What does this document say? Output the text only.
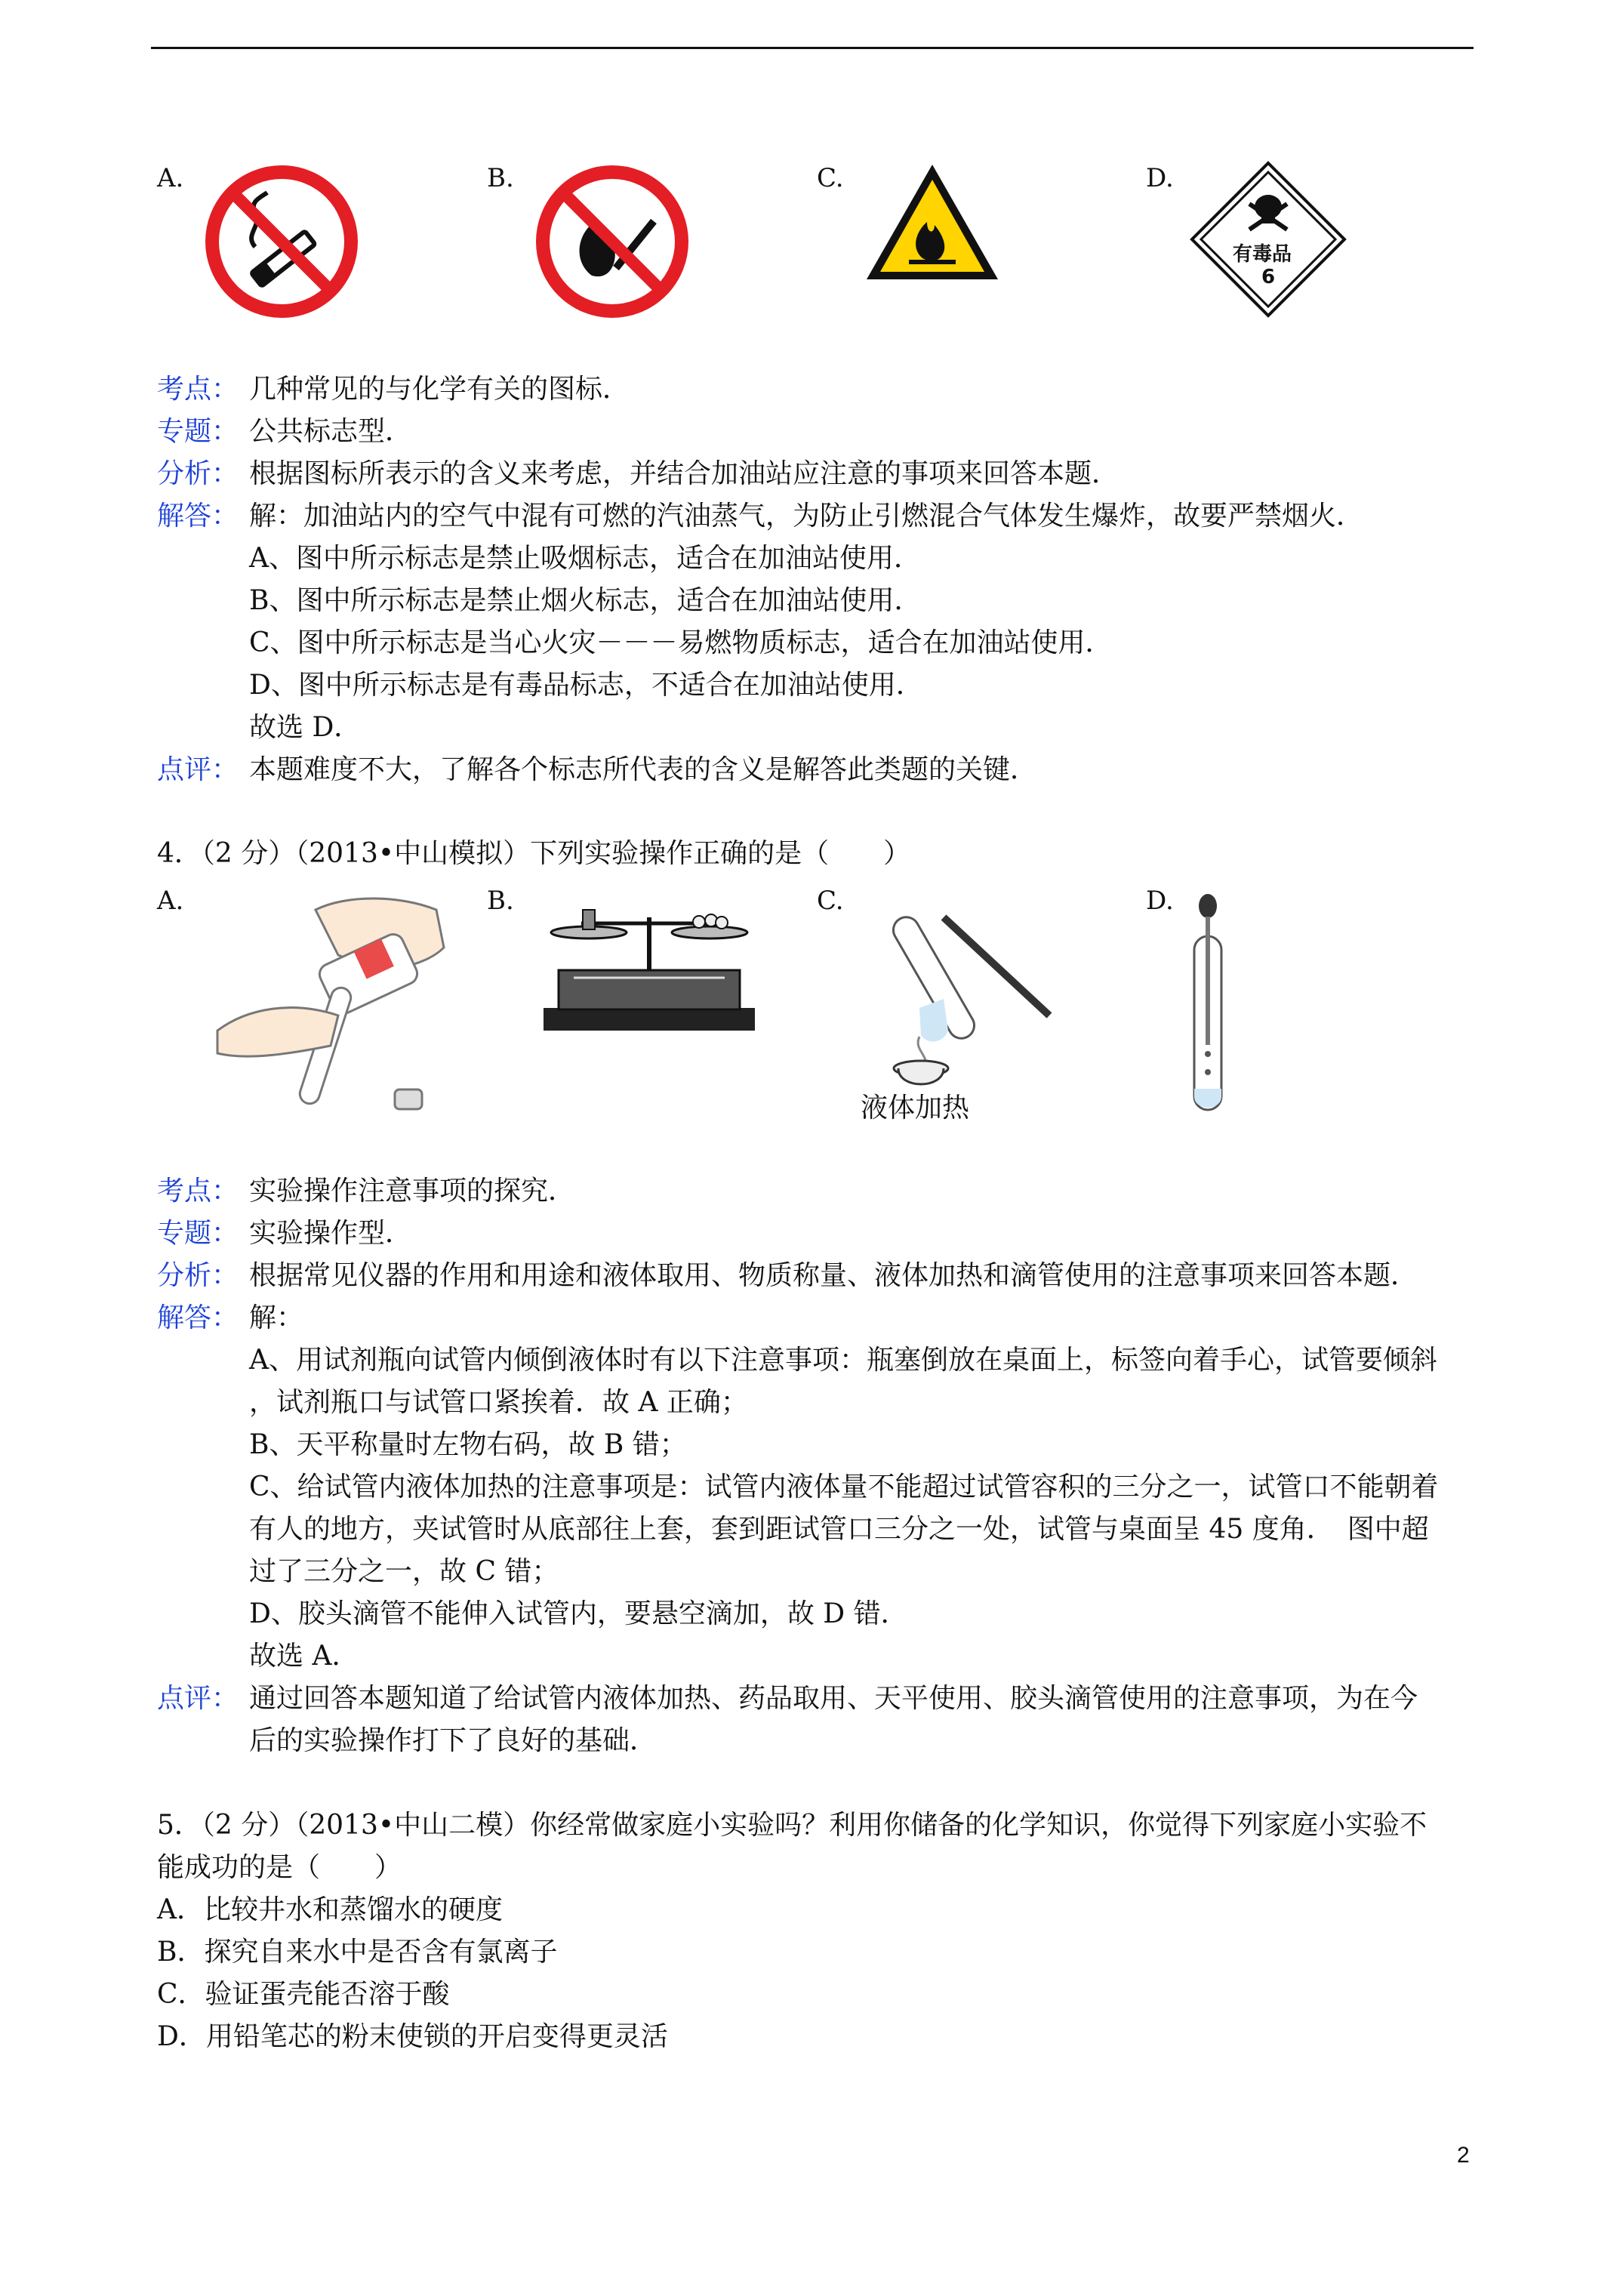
A.	B.	C.	D.
有毒品
6
考点： 几种常见的与化学有关的图标．
专题： 公共标志型．
分析： 根据图标所表示的含义来考虑，并结合加油站应注意的事项来回答本题．
解答： 解：加油站内的空气中混有可燃的汽油蒸气，为防止引燃混合气体发生爆炸，故要严禁烟火．
A、图中所示标志是禁止吸烟标志，适合在加油站使用．
B、图中所示标志是禁止烟火标志，适合在加油站使用．
C、图中所示标志是当心火灾－－－易燃物质标志，适合在加油站使用．
D、图中所示标志是有毒品标志，不适合在加油站使用．
故选 D．
点评： 本题难度不大，了解各个标志所代表的含义是解答此类题的关键．
4．（2 分）（2013•中山模拟）下列实验操作正确的是（　　）
A.	B.	C.
液体加热
D.
考点： 实验操作注意事项的探究．
专题： 实验操作型．
分析： 根据常见仪器的作用和用途和液体取用、物质称量、液体加热和滴管使用的注意事项来回答本题．
解答： 解：
A、用试剂瓶向试管内倾倒液体时有以下注意事项：瓶塞倒放在桌面上，标签向着手心，试管要倾斜
，试剂瓶口与试管口紧挨着．故 A 正确；
B、天平称量时左物右码，故 B 错；
C、给试管内液体加热的注意事项是：试管内液体量不能超过试管容积的三分之一，试管口不能朝着
有人的地方，夹试管时从底部往上套，套到距试管口三分之一处，试管与桌面呈 45 度角．　图中超
过了三分之一，故 C 错；
D、胶头滴管不能伸入试管内，要悬空滴加，故 D 错．
故选 A．
点评： 通过回答本题知道了给试管内液体加热、药品取用、天平使用、胶头滴管使用的注意事项，为在今
后的实验操作打下了良好的基础．
5．（2 分）（2013•中山二模）你经常做家庭小实验吗？利用你储备的化学知识，你觉得下列家庭小实验不
能成功的是（　　）
A．比较井水和蒸馏水的硬度
B．探究自来水中是否含有氯离子
C．验证蛋壳能否溶于酸
D．用铅笔芯的粉末使锁的开启变得更灵活
2
